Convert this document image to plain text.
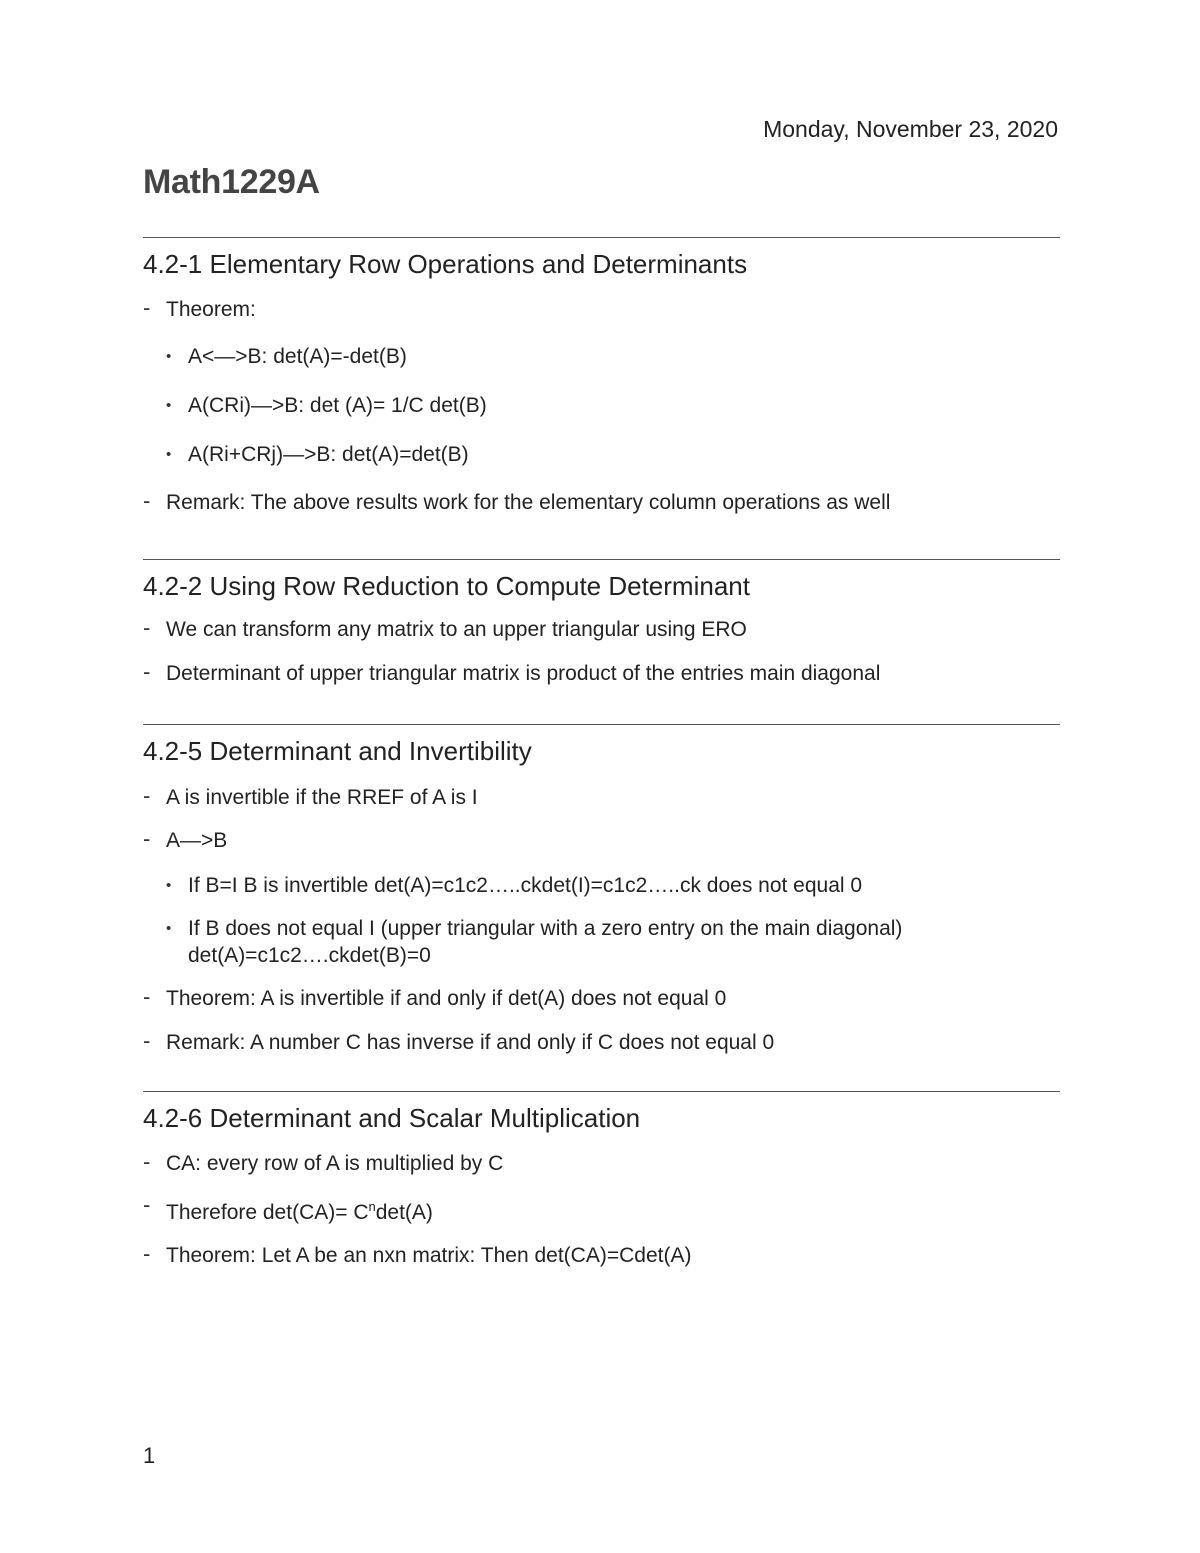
Monday, November 23, 2020
Math1229A
4.2-1 Elementary Row Operations and Determinants
- Theorem:
• A<—>B: det(A)=-det(B)
• A(CRi)—>B: det (A)= 1/C det(B)
• A(Ri+CRj)—>B: det(A)=det(B)
- Remark: The above results work for the elementary column operations as well
4.2-2 Using Row Reduction to Compute Determinant
- We can transform any matrix to an upper triangular using ERO
- Determinant of upper triangular matrix is product of the entries main diagonal
4.2-5 Determinant and Invertibility
- A is invertible if the RREF of A is I
- A—>B
• If B=I B is invertible det(A)=c1c2…..ckdet(I)=c1c2…..ck does not equal 0
• If B does not equal I (upper triangular with a zero entry on the main diagonal)
det(A)=c1c2….ckdet(B)=0
- Theorem: A is invertible if and only if det(A) does not equal 0
- Remark: A number C has inverse if and only if C does not equal 0
4.2-6 Determinant and Scalar Multiplication
- CA: every row of A is multiplied by C
- Therefore $\det(CA)= C^n\det(A)$
- Theorem: Let A be an nxn matrix: Then det(CA)=Cdet(A)
1
